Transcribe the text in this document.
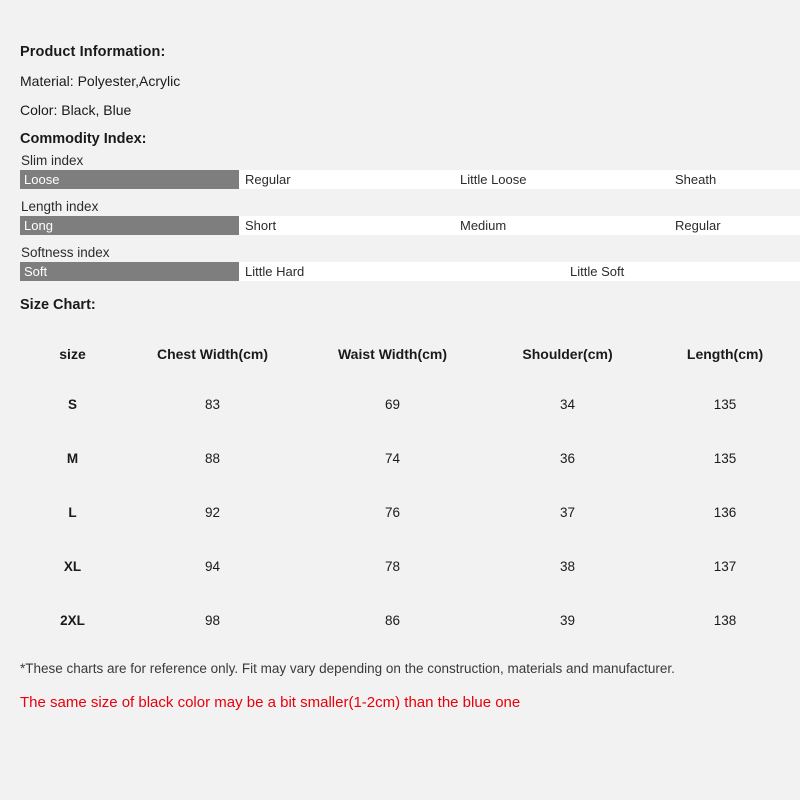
Product Information:
Material: Polyester,Acrylic
Color: Black, Blue
Commodity Index:
Slim index
Loose	Regular	Little Loose	Sheath
Length index
Long	Short	Medium	Regular
Softness index
Soft	Little Hard	Little Soft
Size Chart:
size	Chest Width(cm)	Waist Width(cm)	Shoulder(cm)	Length(cm)
S	83	69	34	135
M	88	74	36	135
L	92	76	37	136
XL	94	78	38	137
2XL	98	86	39	138
*These charts are for reference only. Fit may vary depending on the construction, materials and manufacturer.
The same size of black color may be a bit smaller(1-2cm) than the blue one
